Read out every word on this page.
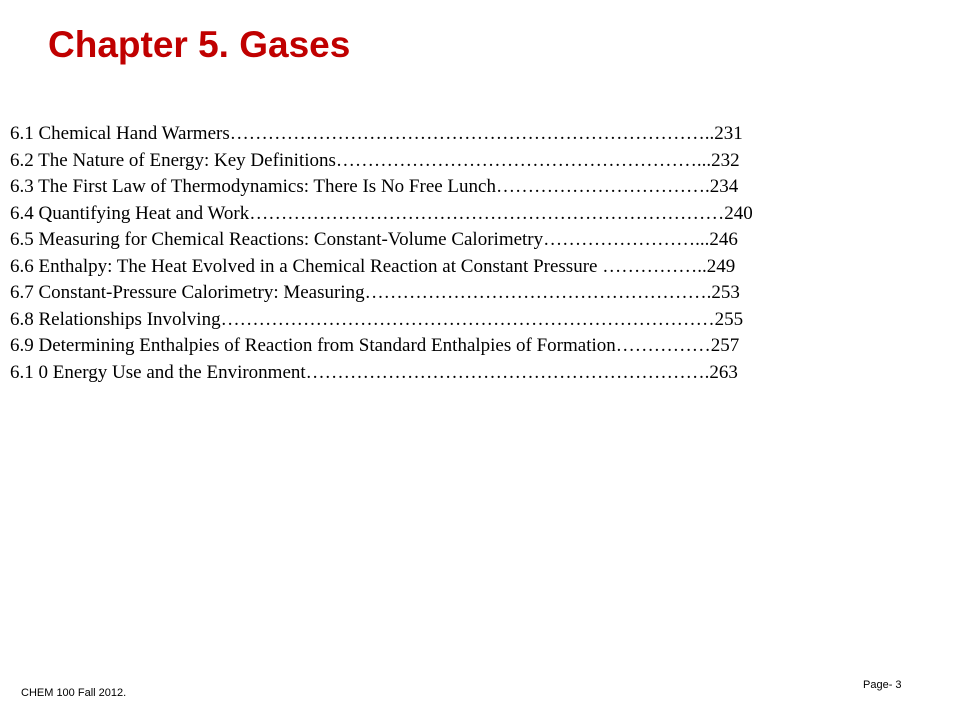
Chapter 5. Gases
6.1 Chemical Hand Warmers…………………………………………………………………..231
6.2 The Nature of Energy: Key Definitions…………………………………………………...232
6.3 The First Law of Thermodynamics: There Is No Free Lunch…………………………….234
6.4 Quantifying Heat and Work…………………………………………………………………240
6.5 Measuring for Chemical Reactions: Constant-Volume Calorimetry……………………...246
6.6 Enthalpy: The Heat Evolved in a Chemical Reaction at Constant Pressure ……………..249
6.7 Constant-Pressure Calorimetry: Measuring……………………………………………….253
6.8 Relationships Involving……………………………………………………………………255
6.9 Determining Enthalpies of Reaction from Standard Enthalpies of Formation……………257
6.1 0 Energy Use and the Environment……………………………………………………….263
CHEM 100 Fall 2012.
Page- 3
